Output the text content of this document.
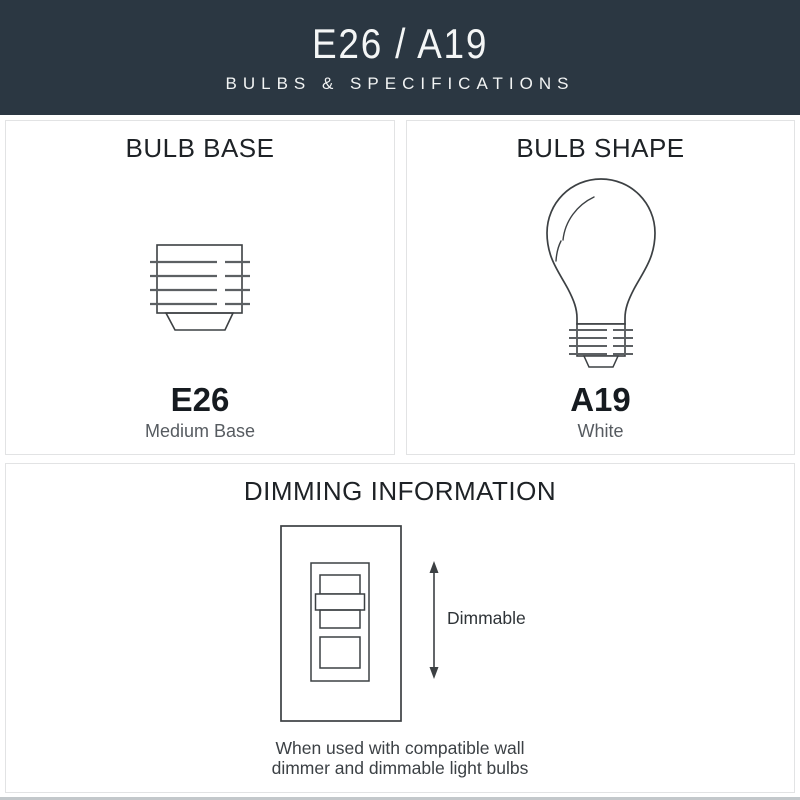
E26 / A19
BULBS & SPECIFICATIONS
BULB BASE
E26
Medium Base
BULB SHAPE
A19
White
DIMMING INFORMATION
Dimmable
When used with compatible wall
dimmer and dimmable light bulbs
